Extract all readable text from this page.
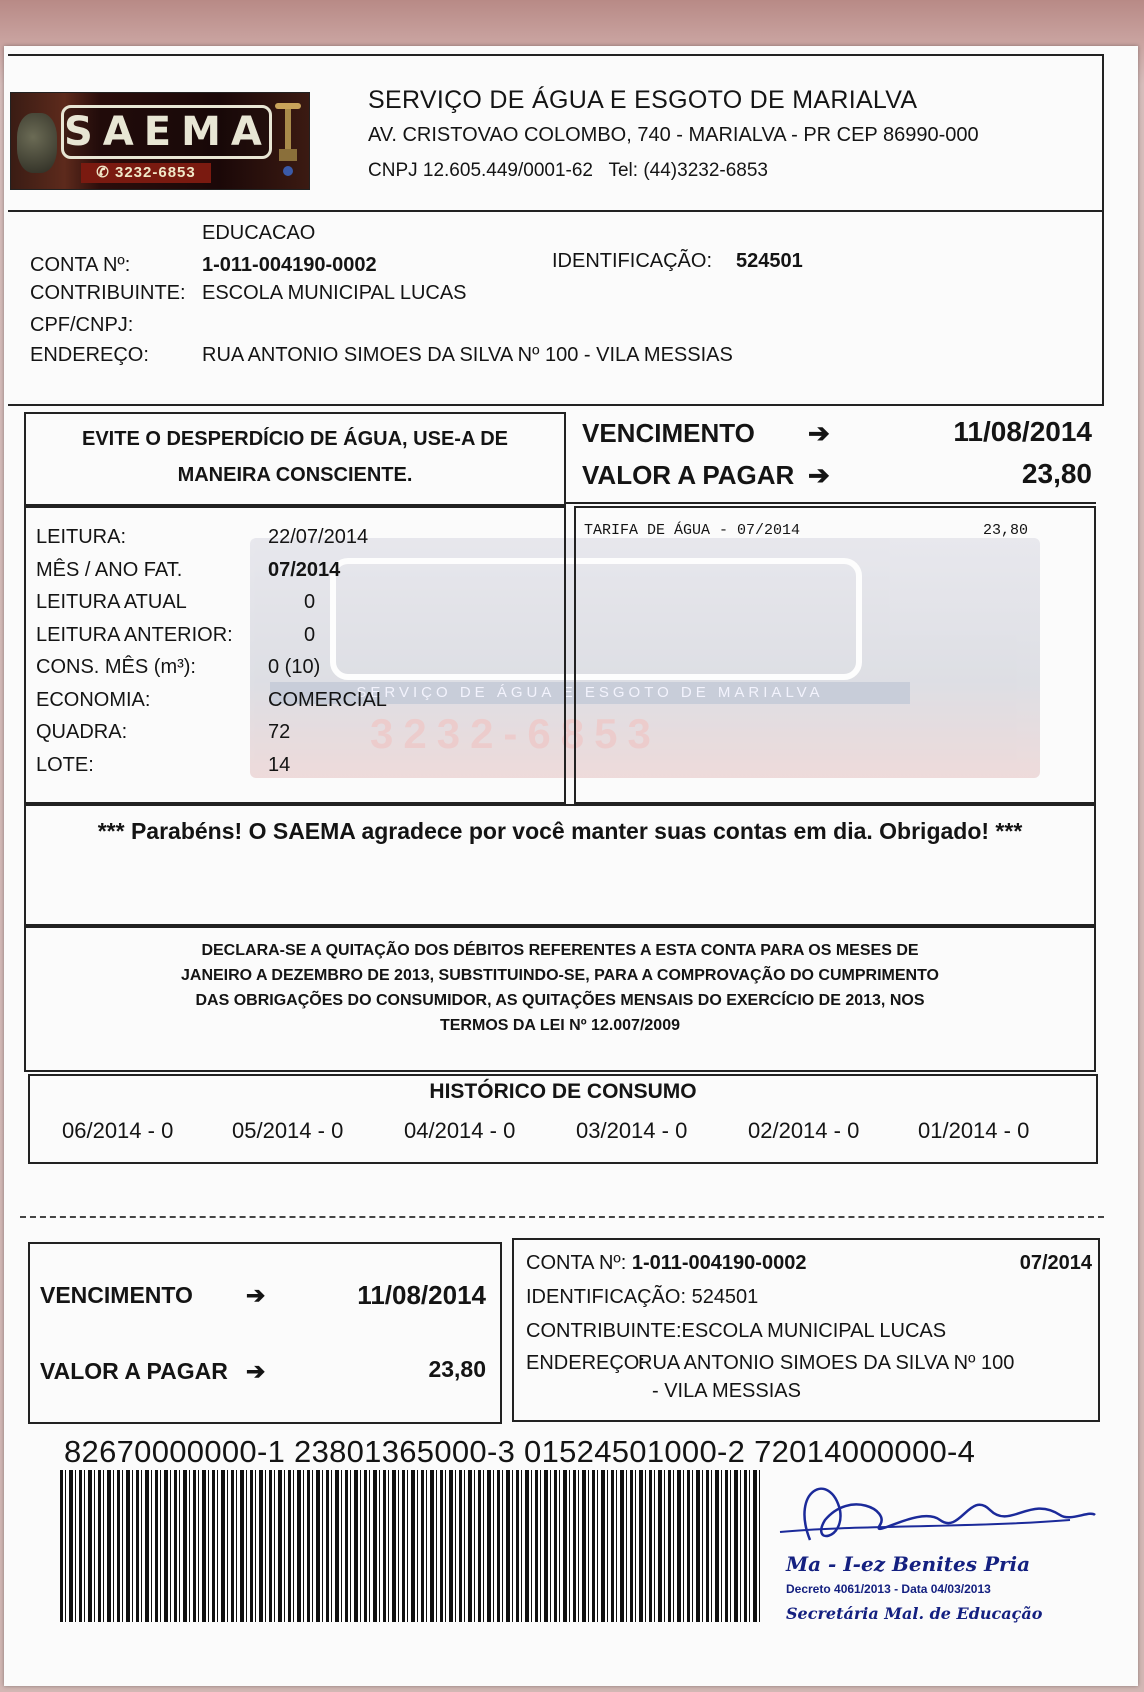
SAEMA
✆ 3232-6853
SERVIÇO DE ÁGUA E ESGOTO DE MARIALVA
AV. CRISTOVAO COLOMBO, 740 - MARIALVA - PR CEP 86990-000
CNPJ 12.605.449/0001-62   Tel: (44)3232-6853
EDUCACAO
CONTA Nº:	1-011-004190-0002	IDENTIFICAÇÃO: 524501
CONTRIBUINTE: ESCOLA MUNICIPAL LUCAS
CPF/CNPJ:
ENDEREÇO:	RUA ANTONIO SIMOES DA SILVA Nº 100 - VILA MESSIAS
EVITE O DESPERDÍCIO DE ÁGUA, USE-A DE
MANEIRA CONSCIENTE.
VENCIMENTO ➔	11/08/2014
VALOR A PAGAR ➔	23,80
SERVIÇO DE ÁGUA E ESGOTO DE MARIALVA
3232-6853
LEITURA:	22/07/2014
MÊS / ANO FAT.	07/2014
LEITURA ATUAL	0
LEITURA ANTERIOR:	0
CONS. MÊS (m³):	0 (10)
ECONOMIA:	COMERCIAL
QUADRA:	72
LOTE:	14
TARIFA DE ÁGUA - 07/2014	23,80
*** Parabéns! O SAEMA agradece por você manter suas contas em dia. Obrigado! ***
DECLARA-SE A QUITAÇÃO DOS DÉBITOS REFERENTES A ESTA CONTA PARA OS MESES DE
JANEIRO A DEZEMBRO DE 2013, SUBSTITUINDO-SE, PARA A COMPROVAÇÃO DO CUMPRIMENTO
DAS OBRIGAÇÕES DO CONSUMIDOR, AS QUITAÇÕES MENSAIS DO EXERCÍCIO DE 2013, NOS
TERMOS DA LEI Nº 12.007/2009
HISTÓRICO DE CONSUMO
06/2014 - 0	05/2014 - 0	04/2014 - 0	03/2014 - 0	02/2014 - 0	01/2014 - 0
VENCIMENTO ➔	11/08/2014
VALOR A PAGAR ➔	23,80
CONTA Nº: 1-011-004190-0002	07/2014
IDENTIFICAÇÃO: 524501
CONTRIBUINTE:ESCOLA MUNICIPAL LUCAS
ENDEREÇO:
RUA ANTONIO SIMOES DA SILVA Nº 100
- VILA MESSIAS
82670000000-1 23801365000-3 01524501000-2 72014000000-4
Ma - I-ez Benites Pria
Decreto 4061/2013 - Data 04/03/2013
Secretária Mal. de Educação
